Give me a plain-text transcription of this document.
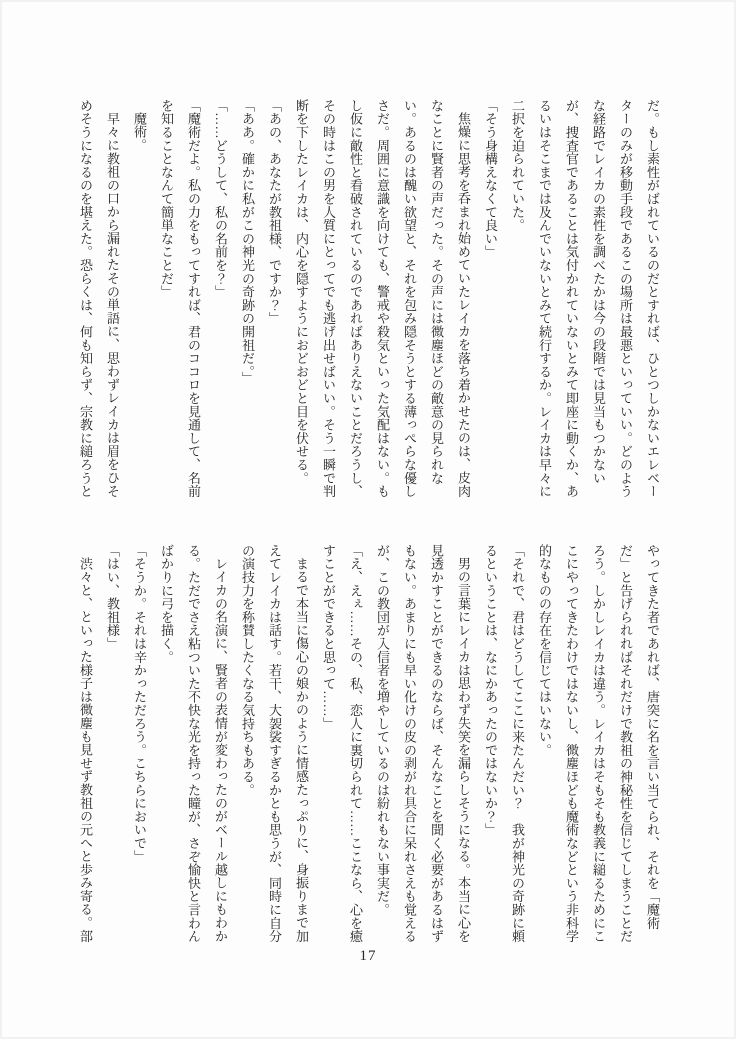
だ。もし素性がばれているのだとすれば、ひとつしかないエレベーターのみが移動手段であるこの場所は最悪といっていい。どのような経路でレイカの素性を調べたかは今の段階では見当もつかないが、捜査官であることは気付かれていないとみて即座に動くか、あるいはそこまでは及んでいないとみて続行するか。レイカは早々に二択を迫られていた。

「そう身構えなくて良い」

焦燥に思考を呑まれ始めていたレイカを落ち着かせたのは、皮肉なことに賢者の声だった。その声には微塵ほどの敵意の見られない。あるのは醜い欲望と、それを包み隠そうとする薄っぺらな優しさだ。周囲に意識を向けても、警戒や殺気といった気配はない。もし仮に敵性と看破されているのであればありえないことだろうし、その時はこの男を人質にとってでも逃げ出せばいい。そう一瞬で判断を下したレイカは、内心を隠すようにおどおどと目を伏せる。

「あの、あなたが教祖様、ですか？」

「ああ。確かに私がこの神光の奇跡の開祖だ。」

「……どうして、私の名前を？」

「魔術だよ。私の力をもってすれば、君のココロを見通して、名前を知ることなんて簡単なことだ」

魔術。

早々に教祖の口から漏れたその単語に、思わずレイカは眉をひそめそうになるのを堪えた。恐らくは、何も知らず、宗教に縋ろうと

やってきた者であれば、唐突に名を言い当てられ、それを「魔術だ」と告げられればそれだけで教祖の神秘性を信じてしまうことだろう。しかしレイカは違う。レイカはそもそも教義に縋るためにここにやってきたわけではないし、微塵ほども魔術などという非科学的なものの存在を信じてはいない。

「それで、君はどうしてここに来たんだい？　我が神光の奇跡に頼るということは、なにかあったのではないか？」

男の言葉にレイカは思わず失笑を漏らしそうになる。本当に心を見透かすことができるのならば、そんなことを聞く必要があるはずもない。あまりにも早い化けの皮の剥がれ具合に呆れさえも覚えるが、この教団が入信者を増やしているのは紛れもない事実だ。

「え、えぇ……その、私、恋人に裏切られて……ここなら、心を癒すことができると思って……」

まるで本当に傷心の娘かのように情感たっぷりに、身振りまで加えてレイカは話す。若干、大袈裟すぎるかとも思うが、同時に自分の演技力を称賛したくなる気持ちもある。

レイカの名演に、賢者の表情が変わったのがベール越しにもわかる。ただでさえ粘ついた不快な光を持った瞳が、さぞ愉快と言わんばかりに弓を描く。

「そうか。それは辛かっただろう。こちらにおいで」

「はい、教祖様」

渋々と、といった様子は微塵も見せず教祖の元へと歩み寄る。部

17
